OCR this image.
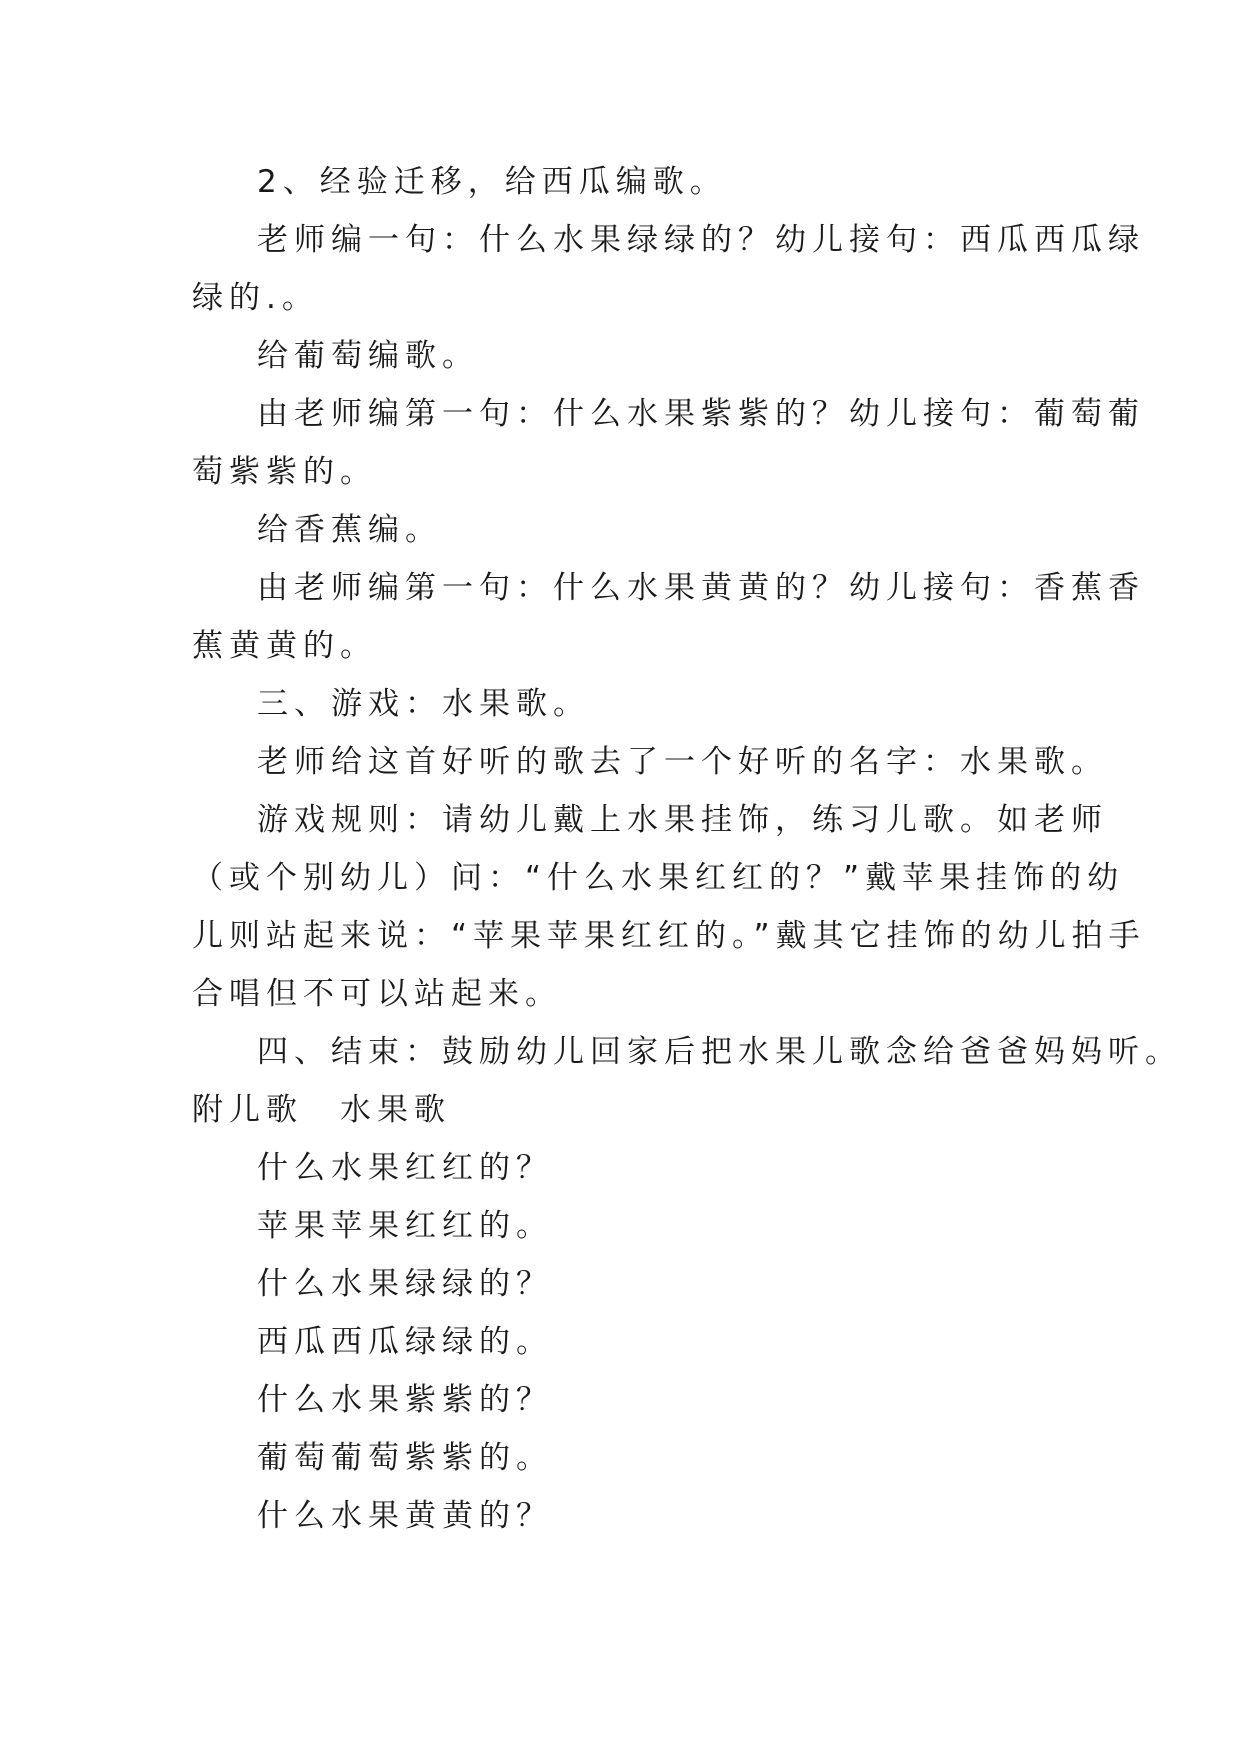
2、经验迁移，给西瓜编歌。
老师编一句：什么水果绿绿的？幼儿接句：西瓜西瓜绿
绿的.。
给葡萄编歌。
由老师编第一句：什么水果紫紫的？幼儿接句：葡萄葡
萄紫紫的。
给香蕉编。
由老师编第一句：什么水果黄黄的？幼儿接句：香蕉香
蕉黄黄的。
三、游戏：水果歌。
老师给这首好听的歌去了一个好听的名字：水果歌。
游戏规则：请幼儿戴上水果挂饰，练习儿歌。如老师
（或个别幼儿）问：“什么水果红红的？”戴苹果挂饰的幼
儿则站起来说：“苹果苹果红红的。”戴其它挂饰的幼儿拍手
合唱但不可以站起来。
四、结束：鼓励幼儿回家后把水果儿歌念给爸爸妈妈听。
附儿歌　水果歌
什么水果红红的？
苹果苹果红红的。
什么水果绿绿的？
西瓜西瓜绿绿的。
什么水果紫紫的？
葡萄葡萄紫紫的。
什么水果黄黄的？
